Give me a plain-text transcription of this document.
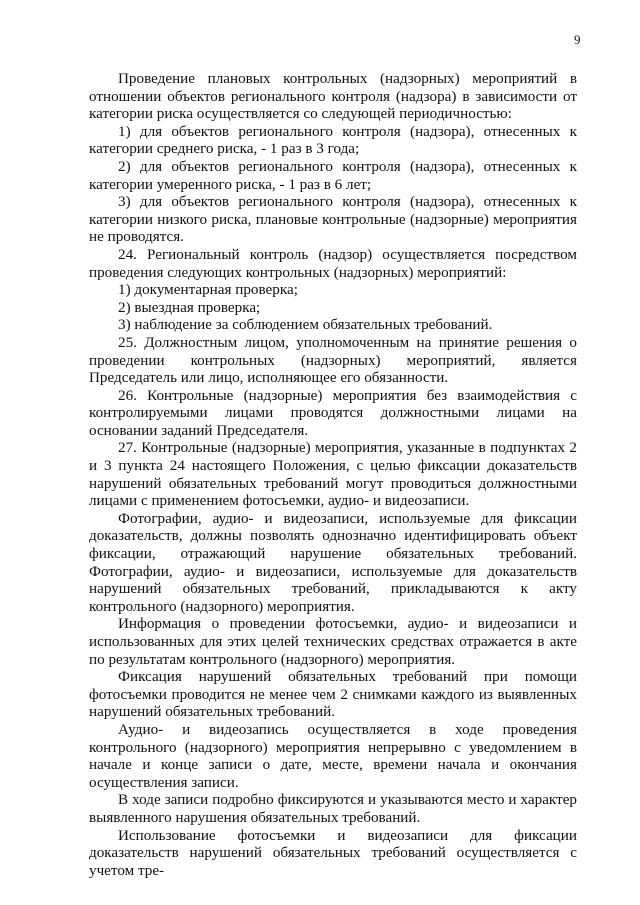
9

Проведение плановых контрольных (надзорных) мероприятий в отношении объектов регионального контроля (надзора) в зависимости от категории риска осуществляется со следующей периодичностью:

1) для объектов регионального контроля (надзора), отнесенных к категории среднего риска, - 1 раз в 3 года;

2) для объектов регионального контроля (надзора), отнесенных к категории умеренного риска, - 1 раз в 6 лет;

3) для объектов регионального контроля (надзора), отнесенных к категории низкого риска, плановые контрольные (надзорные) мероприятия не проводятся.

24. Региональный контроль (надзор) осуществляется посредством проведения следующих контрольных (надзорных) мероприятий:

1) документарная проверка;

2) выездная проверка;

3) наблюдение за соблюдением обязательных требований.

25. Должностным лицом, уполномоченным на принятие решения о проведении контрольных (надзорных) мероприятий, является Председатель или лицо, исполняющее его обязанности.

26. Контрольные (надзорные) мероприятия без взаимодействия с контролируемыми лицами проводятся должностными лицами на основании заданий Председателя.

27. Контрольные (надзорные) мероприятия, указанные в подпунктах 2 и 3 пункта 24 настоящего Положения, с целью фиксации доказательств нарушений обязательных требований могут проводиться должностными лицами с применением фотосъемки, аудио- и видеозаписи.

Фотографии, аудио- и видеозаписи, используемые для фиксации доказательств, должны позволять однозначно идентифицировать объект фиксации, отражающий нарушение обязательных требований. Фотографии, аудио- и видеозаписи, используемые для доказательств нарушений обязательных требований, прикладываются к акту контрольного (надзорного) мероприятия.

Информация о проведении фотосъемки, аудио- и видеозаписи и использованных для этих целей технических средствах отражается в акте по результатам контрольного (надзорного) мероприятия.

Фиксация нарушений обязательных требований при помощи фотосъемки проводится не менее чем 2 снимками каждого из выявленных нарушений обязательных требований.

Аудио- и видеозапись осуществляется в ходе проведения контрольного (надзорного) мероприятия непрерывно с уведомлением в начале и конце записи о дате, месте, времени начала и окончания осуществления записи.

В ходе записи подробно фиксируются и указываются место и характер выявленного нарушения обязательных требований.

Использование фотосъемки и видеозаписи для фиксации доказательств нарушений обязательных требований осуществляется с учетом тре-
